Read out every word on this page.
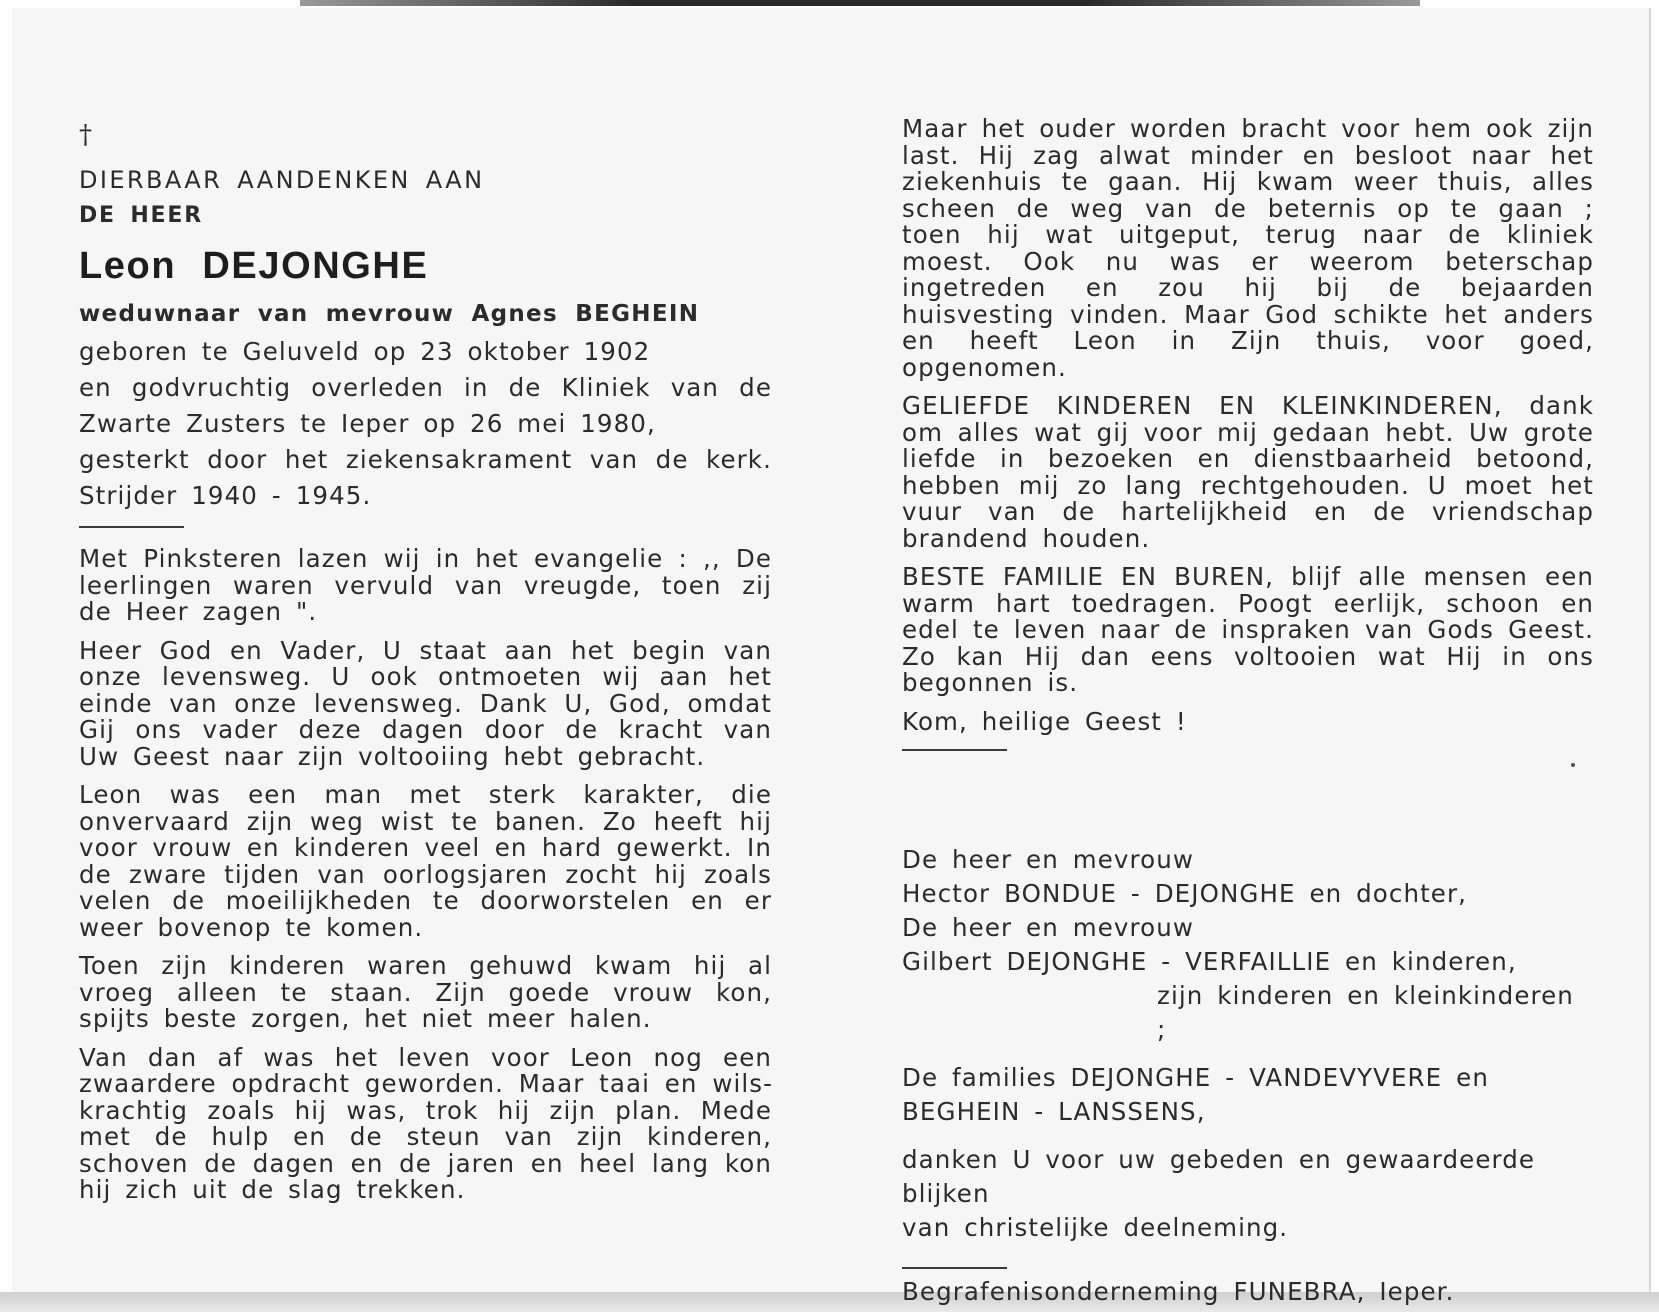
†
DIERBAAR AANDENKEN AAN
DE HEER
Leon DEJONGHE
weduwnaar van mevrouw Agnes BEGHEIN

geboren te Geluveld op 23 oktober 1902

en godvruchtig overleden in de Kliniek van de

Zwarte Zusters te Ieper op 26 mei 1980,

gesterkt door het ziekensakrament van de kerk.

Strijder 1940 - 1945.

Met Pinksteren lazen wij in het evangelie : ,, De leerlingen waren vervuld van vreugde, toen zij de Heer zagen ".

Heer God en Vader, U staat aan het begin van onze levensweg. U ook ontmoeten wij aan het einde van onze levensweg. Dank U, God, omdat Gij ons vader deze dagen door de kracht van Uw Geest naar zijn voltooiing hebt gebracht.

Leon was een man met sterk karakter, die onvervaard zijn weg wist te banen. Zo heeft hij voor vrouw en kinderen veel en hard gewerkt. In de zware tijden van oorlogsjaren zocht hij zoals velen de moeilijkheden te doorworstelen en er weer bovenop te komen.

Toen zijn kinderen waren gehuwd kwam hij al vroeg alleen te staan. Zijn goede vrouw kon, spijts beste zorgen, het niet meer halen.

Van dan af was het leven voor Leon nog een zwaardere opdracht geworden. Maar taai en wilskrachtig zoals hij was, trok hij zijn plan. Mede met de hulp en de steun van zijn kinderen, schoven de dagen en de jaren en heel lang kon hij zich uit de slag trekken.

Maar het ouder worden bracht voor hem ook zijn last. Hij zag alwat minder en besloot naar het ziekenhuis te gaan. Hij kwam weer thuis, alles scheen de weg van de beternis op te gaan ; toen hij wat uitgeput, terug naar de kliniek moest. Ook nu was er weerom beterschap ingetreden en zou hij bij de bejaarden huisvesting vinden. Maar God schikte het anders en heeft Leon in Zijn thuis, voor goed, opgenomen.

GELIEFDE KINDEREN EN KLEINKINDEREN, dank om alles wat gij voor mij gedaan hebt. Uw grote liefde in bezoeken en dienstbaarheid betoond, hebben mij zo lang rechtgehouden. U moet het vuur van de hartelijkheid en de vriendschap brandend houden.

BESTE FAMILIE EN BUREN, blijf alle mensen een warm hart toedragen. Poogt eerlijk, schoon en edel te leven naar de inspraken van Gods Geest. Zo kan Hij dan eens voltooien wat Hij in ons begonnen is.

Kom, heilige Geest !

De heer en mevrouw

Hector BONDUE - DEJONGHE en dochter,

De heer en mevrouw

Gilbert DEJONGHE - VERFAILLIE en kinderen,

zijn kinderen en kleinkinderen ;

De families DEJONGHE - VANDEVYVERE en

BEGHEIN - LANSSENS,

danken U voor uw gebeden en gewaardeerde blijken

van christelijke deelneming.

Begrafenisonderneming FUNEBRA, Ieper.
